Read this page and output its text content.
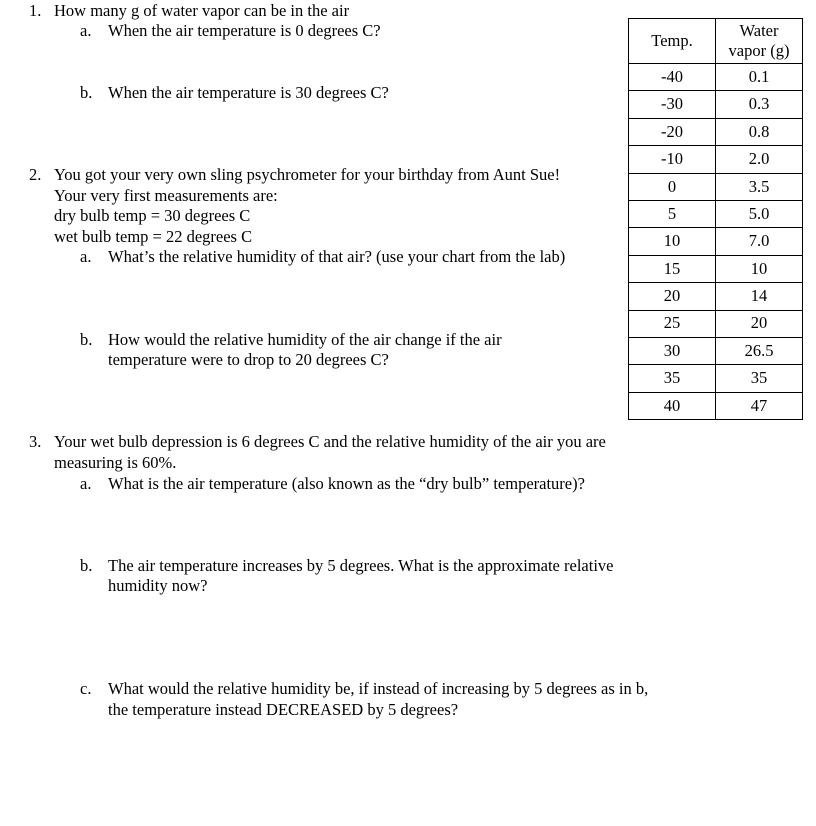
1. How many g of water vapor can be in the air
a. When the air temperature is 0 degrees C?
b. When the air temperature is 30 degrees C?
2. You got your very own sling psychrometer for your birthday from Aunt Sue!
Your very first measurements are:
dry bulb temp = 30 degrees C
wet bulb temp = 22 degrees C
a. What’s the relative humidity of that air? (use your chart from the lab)
b. How would the relative humidity of the air change if the air
temperature were to drop to 20 degrees C?
3. Your wet bulb depression is 6 degrees C and the relative humidity of the air you are
measuring is 60%.
a. What is the air temperature (also known as the “dry bulb” temperature)?
b. The air temperature increases by 5 degrees. What is the approximate relative
humidity now?
c. What would the relative humidity be, if instead of increasing by 5 degrees as in b,
the temperature instead DECREASED by 5 degrees?
Temp.	Water
vapor (g)
-40	0.1
-30	0.3
-20	0.8
-10	2.0
0	3.5
5	5.0
10	7.0
15	10
20	14
25	20
30	26.5
35	35
40	47
